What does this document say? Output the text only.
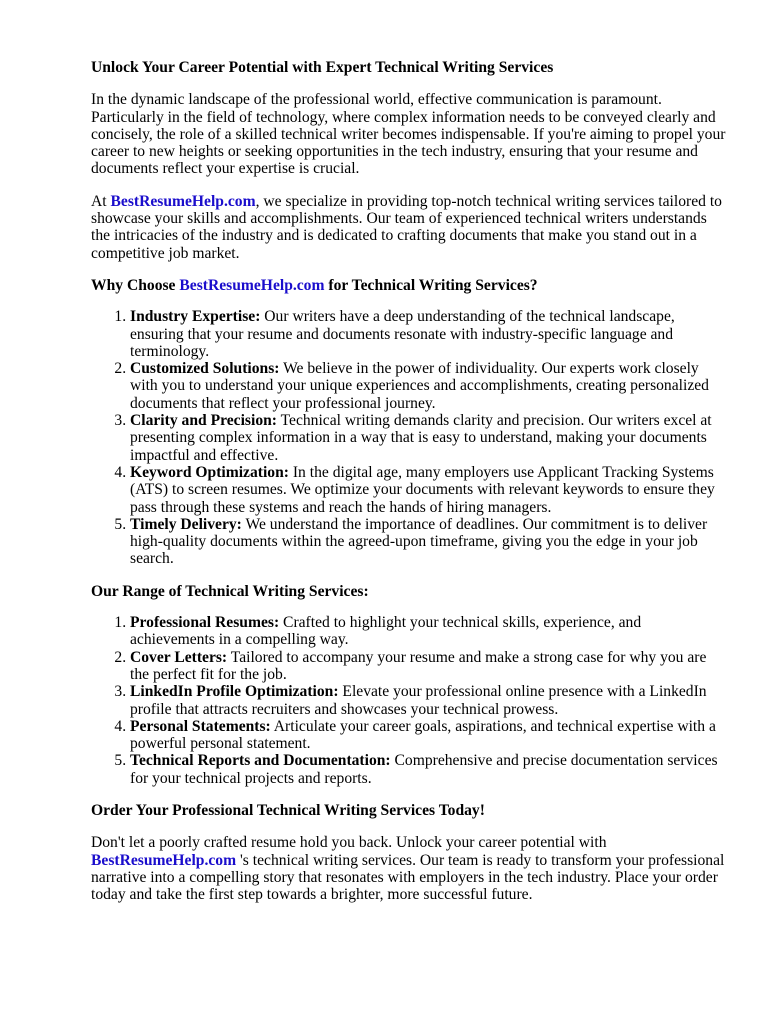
Unlock Your Career Potential with Expert Technical Writing Services

In the dynamic landscape of the professional world, effective communication is paramount. Particularly in the field of technology, where complex information needs to be conveyed clearly and concisely, the role of a skilled technical writer becomes indispensable. If you're aiming to propel your career to new heights or seeking opportunities in the tech industry, ensuring that your resume and documents reflect your expertise is crucial.

At BestResumeHelp.com, we specialize in providing top-notch technical writing services tailored to showcase your skills and accomplishments. Our team of experienced technical writers understands the intricacies of the industry and is dedicated to crafting documents that make you stand out in a competitive job market.

Why Choose BestResumeHelp.com for Technical Writing Services?
1. Industry Expertise: Our writers have a deep understanding of the technical landscape, ensuring that your resume and documents resonate with industry-specific language and terminology.
2. Customized Solutions: We believe in the power of individuality. Our experts work closely with you to understand your unique experiences and accomplishments, creating personalized documents that reflect your professional journey.
3. Clarity and Precision: Technical writing demands clarity and precision. Our writers excel at presenting complex information in a way that is easy to understand, making your documents impactful and effective.
4. Keyword Optimization: In the digital age, many employers use Applicant Tracking Systems (ATS) to screen resumes. We optimize your documents with relevant keywords to ensure they pass through these systems and reach the hands of hiring managers.
5. Timely Delivery: We understand the importance of deadlines. Our commitment is to deliver high-quality documents within the agreed-upon timeframe, giving you the edge in your job search.
Our Range of Technical Writing Services:
1. Professional Resumes: Crafted to highlight your technical skills, experience, and achievements in a compelling way.
2. Cover Letters: Tailored to accompany your resume and make a strong case for why you are the perfect fit for the job.
3. LinkedIn Profile Optimization: Elevate your professional online presence with a LinkedIn profile that attracts recruiters and showcases your technical prowess.
4. Personal Statements: Articulate your career goals, aspirations, and technical expertise with a powerful personal statement.
5. Technical Reports and Documentation: Comprehensive and precise documentation services for your technical projects and reports.
Order Your Professional Technical Writing Services Today!

Don't let a poorly crafted resume hold you back. Unlock your career potential with BestResumeHelp.com 's technical writing services. Our team is ready to transform your professional narrative into a compelling story that resonates with employers in the tech industry. Place your order today and take the first step towards a brighter, more successful future.
